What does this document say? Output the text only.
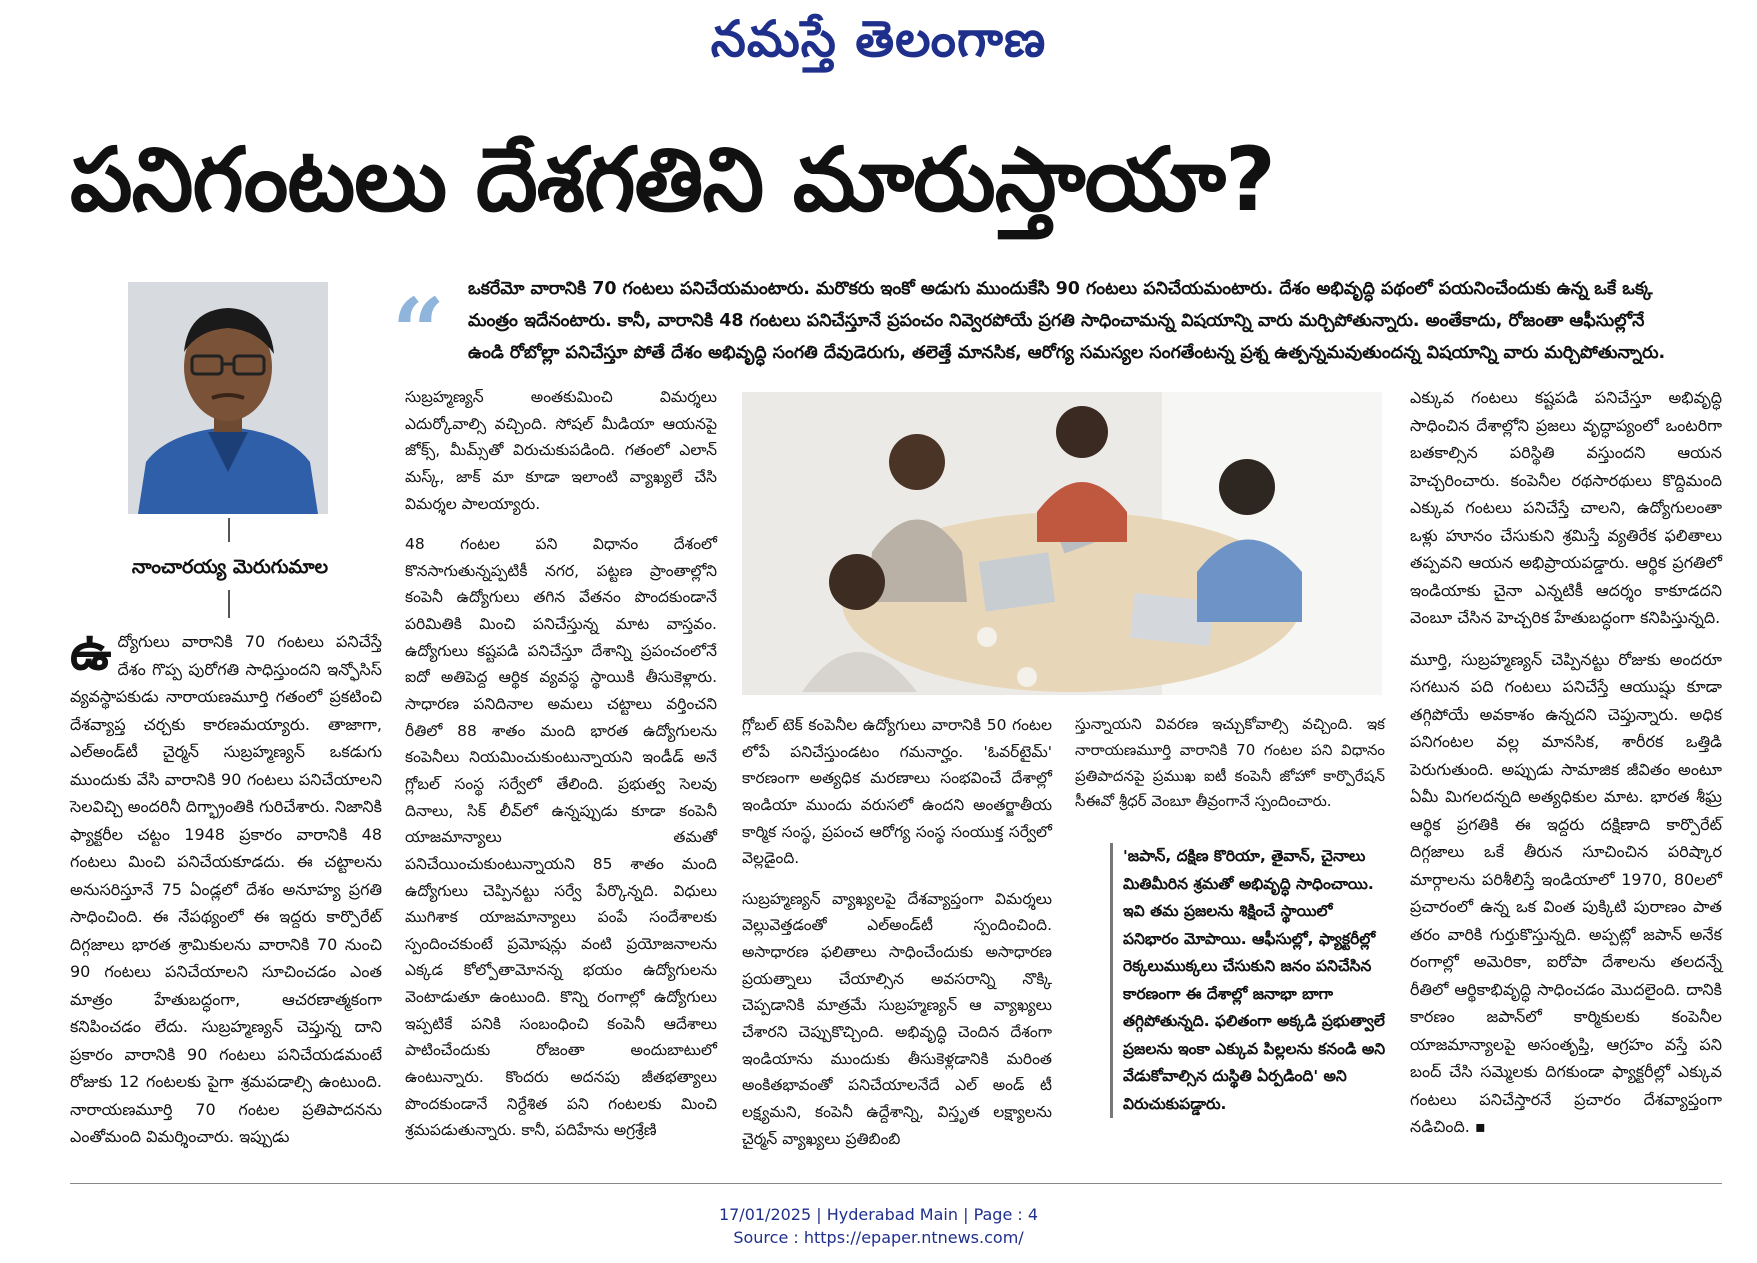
నమస్తే తెలంగాణ
పనిగంటలు దేశగతిని మారుస్తాయా?
నాంచారయ్య మెరుగుమాల
“ ఒకరేమో వారానికి 70 గంటలు పనిచేయమంటారు. మరొకరు ఇంకో అడుగు ముందుకేసి 90 గంటలు పనిచేయమంటారు. దేశం అభివృద్ధి పథంలో పయనించేందుకు ఉన్న ఒకే ఒక్క మంత్రం ఇదేనంటారు. కానీ, వారానికి 48 గంటలు పనిచేస్తూనే ప్రపంచం నివ్వెరపోయే ప్రగతి సాధించామన్న విషయాన్ని వారు మర్చిపోతున్నారు. అంతేకాదు, రోజంతా ఆఫీసుల్లోనే ఉండి రోబోల్లా పనిచేస్తూ పోతే దేశం అభివృద్ధి సంగతి దేవుడెరుగు, తలెత్తే మానసిక, ఆరోగ్య సమస్యల సంగతేంటన్న ప్రశ్న ఉత్పన్నమవుతుందన్న విషయాన్ని వారు మర్చిపోతున్నారు.
ఉద్యోగులు వారానికి 70 గంటలు పనిచేస్తే దేశం గొప్ప పురోగతి సాధిస్తుందని ఇన్ఫోసిస్ వ్యవస్థాపకుడు నారాయణమూర్తి గతంలో ప్రకటించి దేశవ్యాప్త చర్చకు కారణమయ్యారు. తాజాగా, ఎల్అండ్‌టీ చైర్మన్ సుబ్రహ్మణ్యన్ ఒకడుగు ముందుకు వేసి వారానికి 90 గంటలు పనిచేయాలని సెలవిచ్చి అందరినీ దిగ్భ్రాంతికి గురిచేశారు. నిజానికి ఫ్యాక్టరీల చట్టం 1948 ప్రకారం వారానికి 48 గంటలు మించి పనిచేయకూడదు. ఈ చట్టాలను అనుసరిస్తూనే 75 ఏండ్లలో దేశం అనూహ్య ప్రగతి సాధించింది. ఈ నేపథ్యంలో ఈ ఇద్దరు కార్పొరేట్ దిగ్గజాలు భారత శ్రామికులను వారానికి 70 నుంచి 90 గంటలు పనిచేయాలని సూచించడం ఎంత మాత్రం హేతుబద్ధంగా, ఆచరణాత్మకంగా కనిపించడం లేదు. సుబ్రహ్మణ్యన్ చెప్తున్న దాని ప్రకారం వారానికి 90 గంటలు పనిచేయడమంటే రోజుకు 12 గంటలకు పైగా శ్రమపడాల్సి ఉంటుంది. నారాయణమూర్తి 70 గంటల ప్రతిపాదనను ఎంతోమంది విమర్శించారు. ఇప్పుడు

సుబ్రహ్మణ్యన్ అంతకుమించి విమర్శలు ఎదుర్కోవాల్సి వచ్చింది. సోషల్ మీడియా ఆయనపై జోక్స్, మీమ్స్‌తో విరుచుకుపడింది. గతంలో ఎలాన్ మస్క్, జాక్ మా కూడా ఇలాంటి వ్యాఖ్యలే చేసి విమర్శల పాలయ్యారు.

48 గంటల పని విధానం దేశంలో కొనసాగుతున్నప్పటికీ నగర, పట్టణ ప్రాంతాల్లోని కంపెనీ ఉద్యోగులు తగిన వేతనం పొందకుండానే పరిమితికి మించి పనిచేస్తున్న మాట వాస్తవం. ఉద్యోగులు కష్టపడి పనిచేస్తూ దేశాన్ని ప్రపంచంలోనే ఐదో అతిపెద్ద ఆర్థిక వ్యవస్థ స్థాయికి తీసుకెళ్లారు. సాధారణ పనిదినాల అమలు చట్టాలు వర్తించని రీతిలో 88 శాతం మంది భారత ఉద్యోగులను కంపెనీలు నియమించుకుంటున్నాయని ఇండీడ్ అనే గ్లోబల్ సంస్థ సర్వేలో తేలింది. ప్రభుత్వ సెలవు దినాలు, సిక్ లీవ్‌లో ఉన్నప్పుడు కూడా కంపెనీ యాజమాన్యాలు తమతో పనిచేయించుకుంటున్నాయని 85 శాతం మంది ఉద్యోగులు చెప్పినట్టు సర్వే పేర్కొన్నది. విధులు ముగిశాక యాజమాన్యాలు పంపే సందేశాలకు స్పందించకుంటే ప్రమోషన్లు వంటి ప్రయోజనాలను ఎక్కడ కోల్పోతామోనన్న భయం ఉద్యోగులను వెంటాడుతూ ఉంటుంది. కొన్ని రంగాల్లో ఉద్యోగులు ఇప్పటికే పనికి సంబంధించి కంపెనీ ఆదేశాలు పాటించేందుకు రోజంతా అందుబాటులో ఉంటున్నారు. కొందరు అదనపు జీతభత్యాలు పొందకుండానే నిర్దేశిత పని గంటలకు మించి శ్రమపడుతున్నారు. కానీ, పదిహేను అగ్రశ్రేణి

గ్లోబల్ టెక్ కంపెనీల ఉద్యోగులు వారానికి 50 గంటల లోపే పనిచేస్తుండటం గమనార్హం. 'ఓవర్‌టైమ్' కారణంగా అత్యధిక మరణాలు సంభవించే దేశాల్లో ఇండియా ముందు వరుసలో ఉందని అంతర్జాతీయ కార్మిక సంస్థ, ప్రపంచ ఆరోగ్య సంస్థ సంయుక్త సర్వేలో వెల్లడైంది.

సుబ్రహ్మణ్యన్ వ్యాఖ్యలపై దేశవ్యాప్తంగా విమర్శలు వెల్లువెత్తడంతో ఎల్అండ్‌టీ స్పందించింది. అసాధారణ ఫలితాలు సాధించేందుకు అసాధారణ ప్రయత్నాలు చేయాల్సిన అవసరాన్ని నొక్కి చెప్పడానికి మాత్రమే సుబ్రహ్మణ్యన్ ఆ వ్యాఖ్యలు చేశారని చెప్పుకొచ్చింది. అభివృద్ధి చెందిన దేశంగా ఇండియాను ముందుకు తీసుకెళ్లడానికి మరింత అంకితభావంతో పనిచేయాలనేదే ఎల్ అండ్ టీ లక్ష్యమని, కంపెనీ ఉద్దేశాన్ని, విస్తృత లక్ష్యాలను చైర్మన్ వ్యాఖ్యలు ప్రతిబింబి

స్తున్నాయని వివరణ ఇచ్చుకోవాల్సి వచ్చింది. ఇక నారాయణమూర్తి వారానికి 70 గంటల పని విధానం ప్రతిపాదనపై ప్రముఖ ఐటీ కంపెనీ జోహో కార్పొరేషన్ సీఈవో శ్రీధర్ వెంబూ తీవ్రంగానే స్పందించారు.

'జపాన్, దక్షిణ కొరియా, తైవాన్, చైనాలు మితిమీరిన శ్రమతో అభివృద్ధి సాధించాయి. ఇవి తమ ప్రజలను శిక్షించే స్థాయిలో పనిభారం మోపాయి. ఆఫీసుల్లో, ఫ్యాక్టరీల్లో రెక్కలుముక్కలు చేసుకుని జనం పనిచేసిన కారణంగా ఈ దేశాల్లో జనాభా బాగా తగ్గిపోతున్నది. ఫలితంగా అక్కడి ప్రభుత్వాలే ప్రజలను ఇంకా ఎక్కువ పిల్లలను కనండి అని వేడుకోవాల్సిన దుస్థితి ఏర్పడింది' అని విరుచుకుపడ్డారు.

ఎక్కువ గంటలు కష్టపడి పనిచేస్తూ అభివృద్ధి సాధించిన దేశాల్లోని ప్రజలు వృద్ధాప్యంలో ఒంటరిగా బతకాల్సిన పరిస్థితి వస్తుందని ఆయన హెచ్చరించారు. కంపెనీల రథసారథులు కొద్దిమంది ఎక్కువ గంటలు పనిచేస్తే చాలని, ఉద్యోగులంతా ఒళ్లు హూనం చేసుకుని శ్రమిస్తే వ్యతిరేక ఫలితాలు తప్పవని ఆయన అభిప్రాయపడ్డారు. ఆర్థిక ప్రగతిలో ఇండియాకు చైనా ఎన్నటికీ ఆదర్శం కాకూడదని వెంబూ చేసిన హెచ్చరిక హేతుబద్ధంగా కనిపిస్తున్నది.

మూర్తి, సుబ్రహ్మణ్యన్ చెప్పినట్టు రోజుకు అందరూ సగటున పది గంటలు పనిచేస్తే ఆయుష్షు కూడా తగ్గిపోయే అవకాశం ఉన్నదని చెప్తున్నారు. అధిక పనిగంటల వల్ల మానసిక, శారీరక ఒత్తిడి పెరుగుతుంది. అప్పుడు సామాజిక జీవితం అంటూ ఏమీ మిగలదన్నది అత్యధికుల మాట. భారత శీఘ్ర ఆర్థిక ప్రగతికి ఈ ఇద్దరు దక్షిణాది కార్పొరేట్ దిగ్గజాలు ఒకే తీరున సూచించిన పరిష్కార మార్గాలను పరిశీలిస్తే ఇండియాలో 1970, 80లలో ప్రచారంలో ఉన్న ఒక వింత పుక్కిటి పురాణం పాత తరం వారికి గుర్తుకొస్తున్నది. అప్పట్లో జపాన్ అనేక రంగాల్లో అమెరికా, ఐరోపా దేశాలను తలదన్నే రీతిలో ఆర్థికాభివృద్ధి సాధించడం మొదలైంది. దానికి కారణం జపాన్‌లో కార్మికులకు కంపెనీల యాజమాన్యాలపై అసంతృప్తి, ఆగ్రహం వస్తే పని బంద్ చేసి సమ్మెలకు దిగకుండా ఫ్యాక్టరీల్లో ఎక్కువ గంటలు పనిచేస్తారనే ప్రచారం దేశవ్యాప్తంగా నడిచింది. ▪

17/01/2025 | Hyderabad Main | Page : 4
Source : https://epaper.ntnews.com/
